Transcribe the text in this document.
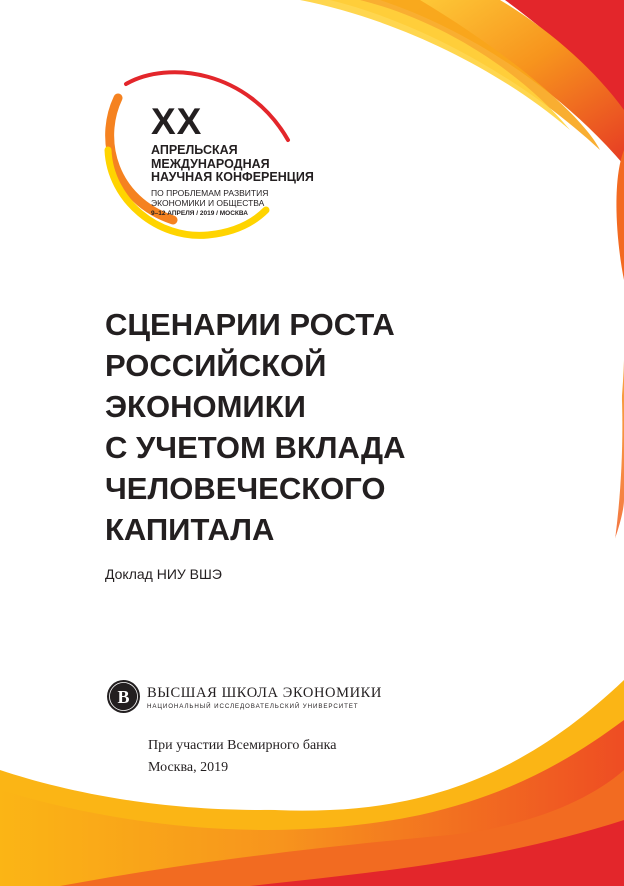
XX
АПРЕЛЬСКАЯ
МЕЖДУНАРОДНАЯ
НАУЧНАЯ КОНФЕРЕНЦИЯ
ПО ПРОБЛЕМАМ РАЗВИТИЯ
ЭКОНОМИКИ И ОБЩЕСТВА
9–12 АПРЕЛЯ / 2019 / МОСКВА
СЦЕНАРИИ РОСТА
РОССИЙСКОЙ
ЭКОНОМИКИ
С УЧЕТОМ ВКЛАДА
ЧЕЛОВЕЧЕСКОГО
КАПИТАЛА
Доклад НИУ ВШЭ
В ВЫСШАЯ ШКОЛА ЭКОНОМИКИ
НАЦИОНАЛЬНЫЙ ИССЛЕДОВАТЕЛЬСКИЙ УНИВЕРСИТЕТ
При участии Всемирного банка
Москва, 2019
